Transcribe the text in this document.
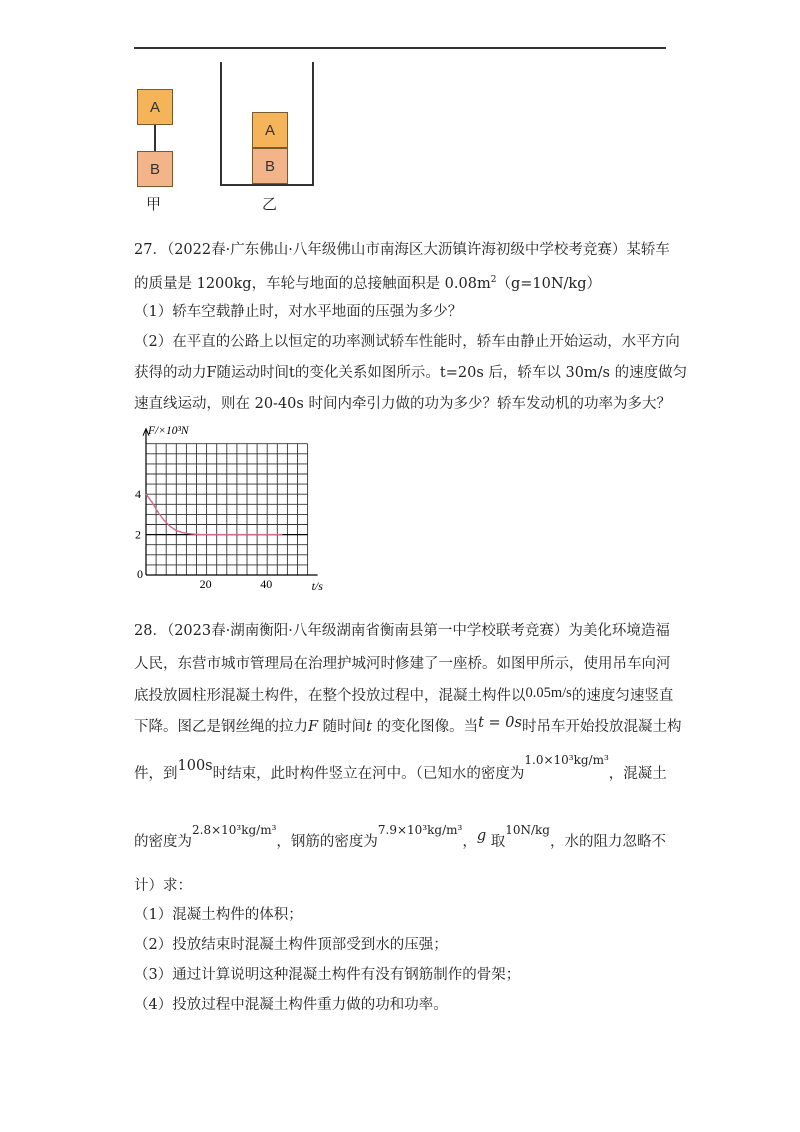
A
B
甲
A
B
乙
27．（2022春·广东佛山·八年级佛山市南海区大沥镇许海初级中学校考竞赛）某轿车
的质量是 1200kg，车轮与地面的总接触面积是 $0.08m^2(g=10N/kg)$
（1）轿车空载静止时，对水平地面的压强为多少？
（2）在平直的公路上以恒定的功率测试轿车性能时，轿车由静止开始运动，水平方向
获得的动力F随运动时间t的变化关系如图所示。t=20s 后，轿车以 30m/s 的速度做匀
速直线运动，则在 20-40s 时间内牵引力做的功为多少？轿车发动机的功率为多大？
0
20	40
2
4
F/×10³N
t/s
28．（2023春·湖南衡阳·八年级湖南省衡南县第一中学校联考竞赛）为美化环境造福
人民，东营市城市管理局在治理护城河时修建了一座桥。如图甲所示，使用吊车向河
底投放圆柱形混凝土构件，在整个投放过程中，混凝土构件以0.05m/s的速度匀速竖直
下降。图乙是钢丝绳的拉力F 随时间t 的变化图像。当t = 0s时吊车开始投放混凝土构
件，到100s时结束，此时构件竖立在河中。（已知水的密度为$^{1.0\times 10^3kg/m^3}$，混凝土
的密度为$^{2.8\times 10^3kg/m^3}$，钢筋的密度为$^{7.9\times 10^3kg/m^3}$，g 取$^{10N/kg}$，水的阻力忽略不
计）求：
（1）混凝土构件的体积；
（2）投放结束时混凝土构件顶部受到水的压强；
（3）通过计算说明这种混凝土构件有没有钢筋制作的骨架；
（4）投放过程中混凝土构件重力做的功和功率。
